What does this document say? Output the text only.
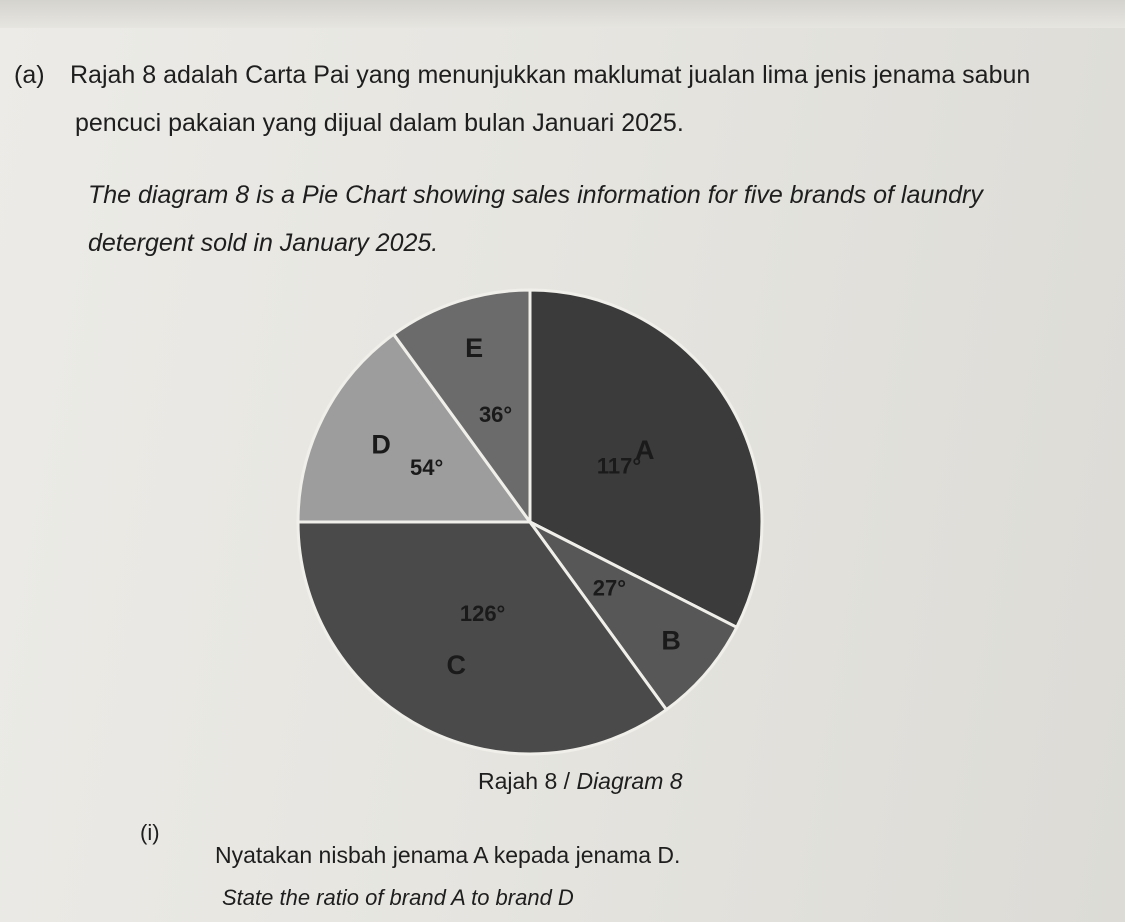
(a) Rajah 8 adalah Carta Pai yang menunjukkan maklumat jualan lima jenis jenama sabun
pencuci pakaian yang dijual dalam bulan Januari 2025.
The diagram 8 is a Pie Chart showing sales information for five brands of laundry
detergent sold in January 2025.
A
117°
B
27°
C
126°
D
54°
E
36°
Rajah 8 / Diagram 8
(i)
Nyatakan nisbah jenama A kepada jenama D.
State the ratio of brand A to brand D
